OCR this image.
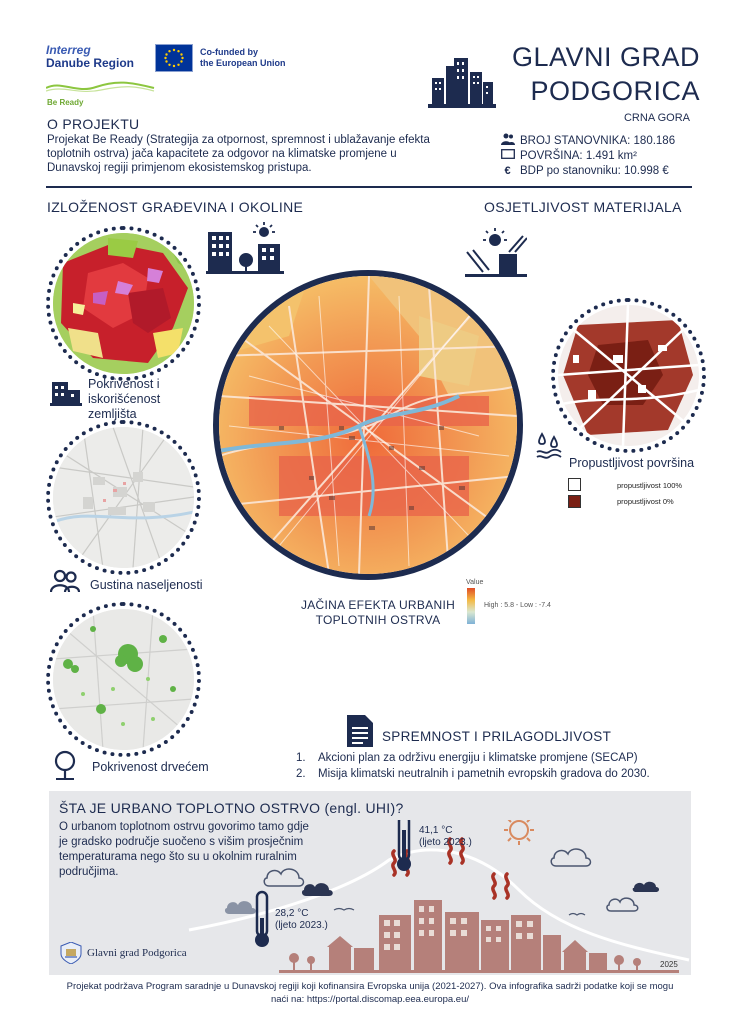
Interreg
Danube Region
Co-funded by
the European Union
Be Ready
GLAVNI GRAD
PODGORICA
CRNA GORA
O PROJEKTU
Projekat Be Ready (Strategija za otpornost, spremnost i ublažavanje efekta toplotnih ostrva) jača kapacitete za odgovor na klimatske promjene u Dunavskoj regiji primjenom ekosistemskog pristupa.
BROJ STANOVNIKA: 180.186
POVRŠINA: 1.491 km²
€ BDP po stanovniku: 10.998 €
IZLOŽENOST GRAĐEVINA I OKOLINE	OSJETLJIVOST MATERIJALA
Pokrivenost i iskorišćenost zemljišta
Gustina naseljenosti
Pokrivenost drvećem
Value
High : 5.8 - Low : -7.4
JAČINA EFEKTA URBANIH TOPLOTNIH OSTRVA
Propustljivost površina
propustljivost 100%
propustljivost 0%
SPREMNOST I PRILAGODLJIVOST
1. Akcioni plan za održivu energiju i klimatske promjene (SECAP)
2. Misija klimatski neutralnih i pametnih evropskih gradova do 2030.
ŠTA JE URBANO TOPLOTNO OSTRVO (engl. UHI)?
O urbanom toplotnom ostrvu govorimo tamo gdje je gradsko područje suočeno s višim prosječnim temperaturama nego što su u okolnim ruralnim područjima.
41,1 °C
(ljeto 2023.)
28,2 °C
(ljeto 2023.)
Glavni grad Podgorica
2025
Projekat podržava Program saradnje u Dunavskoj regiji koji kofinansira Evropska unija (2021-2027). Ova infografika sadrži podatke koji se mogu naći na: https://portal.discomap.eea.europa.eu/
